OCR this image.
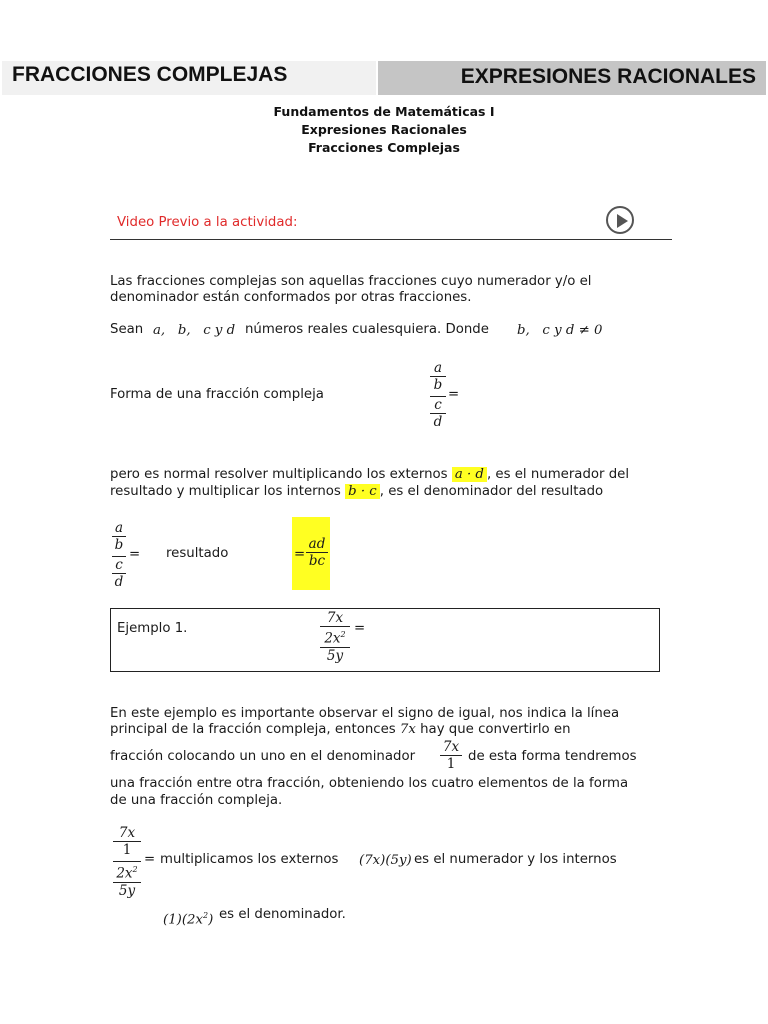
FRACCIONES COMPLEJAS	EXPRESIONES RACIONALES
Fundamentos de Matemáticas I
Expresiones Racionales
Fracciones Complejas
Video Previo a la actividad:
Las fracciones complejas son aquellas fracciones cuyo numerador y/o el
denominador están conformados por otras fracciones.
Sean a,   b,   c y d números reales cualesquiera. Donde b,   c y d ≠ 0
Forma de una fracción compleja
a
b
c
d
=
pero es normal resolver multiplicando los externos a · d , es el numerador del
resultado y multiplicar los internos b · c , es el denominador del resultado
a
b
c
d
= resultado	= $\frac{ad}{bc}$
Ejemplo 1.
7x
$2x^2$
5y
=
En este ejemplo es importante observar el signo de igual, nos indica la línea
principal de la fracción compleja, entonces 7x hay que convertirlo en
fracción colocando un uno en el denominador $\frac{7x}{1}$ de esta forma tendremos
una fracción entre otra fracción, obteniendo los cuatro elementos de la forma
de una fracción compleja.
7x
1
$2x^2$
5y
= multiplicamos los externos (7x)(5y) es el numerador y los internos
$(1)(2x^2)$ es el denominador.
